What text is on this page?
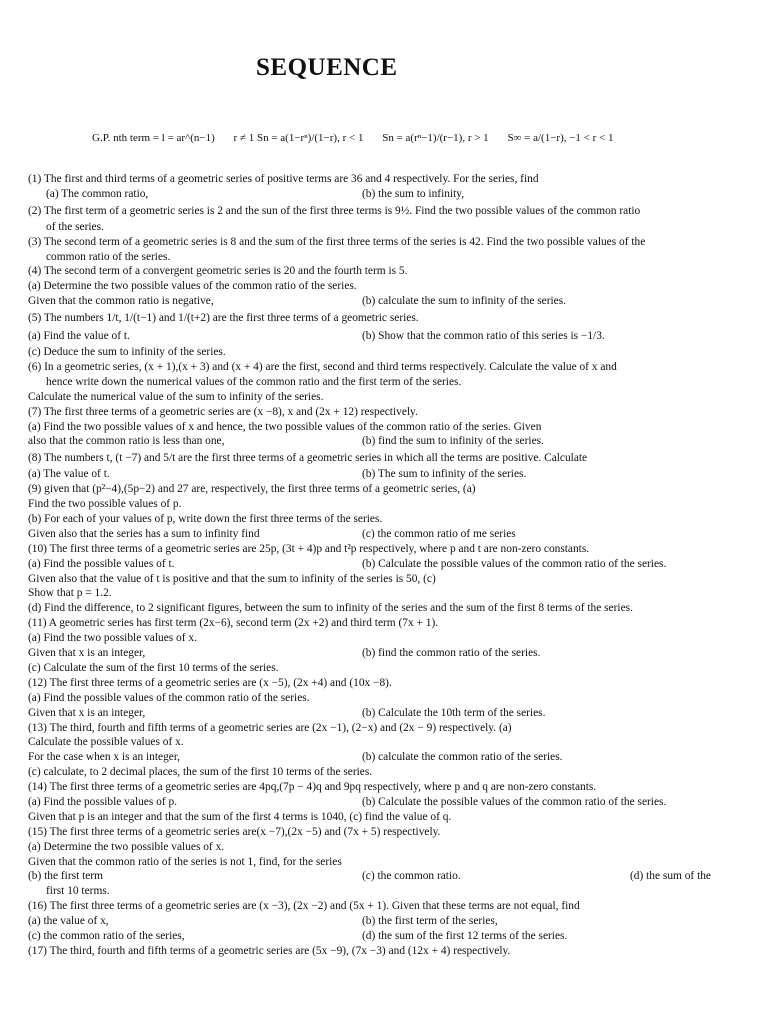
SEQUENCE
G.P. nth term = l = ar^(n−1) r ≠ 1 Sn = a(1−rⁿ)/(1−r), r < 1 Sn = a(rⁿ−1)/(r−1), r > 1 S∞ = a/(1−r), −1 < r < 1
(1) The first and third terms of a geometric series of positive terms are 36 and 4 respectively. For the series, find
(a) The common ratio,	(b) the sum to infinity,
(2) The first term of a geometric series is 2 and the sun of the first three terms is 9½. Find the two possible values of the common ratio
of the series.
(3) The second term of a geometric series is 8 and the sum of the first three terms of the series is 42. Find the two possible values of the
common ratio of the series.
(4) The second term of a convergent geometric series is 20 and the fourth term is 5.
(a) Determine the two possible values of the common ratio of the series.
Given that the common ratio is negative,	(b) calculate the sum to infinity of the series.
(5) The numbers 1/t, 1/(t−1) and 1/(t+2) are the first three terms of a geometric series.
(a) Find the value of t.	(b) Show that the common ratio of this series is −1/3.
(c) Deduce the sum to infinity of the series.
(6) In a geometric series, (x + 1),(x + 3) and (x + 4) are the first, second and third terms respectively. Calculate the value of x and
hence write down the numerical values of the common ratio and the first term of the series.
Calculate the numerical value of the sum to infinity of the series.
(7) The first three terms of a geometric series are (x −8), x and (2x + 12) respectively.
(a) Find the two possible values of x and hence, the two possible values of the common ratio of the series. Given
also that the common ratio is less than one,	(b) find the sum to infinity of the series.
(8) The numbers t, (t −7) and 5/t are the first three terms of a geometric series in which all the terms are positive. Calculate
(a) The value of t.	(b) The sum to infinity of the series.
(9) given that (p²−4),(5p−2) and 27 are, respectively, the first three terms of a geometric series, (a)
Find the two possible values of p.
(b) For each of your values of p, write down the first three terms of the series.
Given also that the series has a sum to infinity find	(c) the common ratio of me series
(10) The first three terms of a geometric series are 25p, (3t + 4)p and t²p respectively, where p and t are non-zero constants.
(a) Find the possible values of t.	(b) Calculate the possible values of the common ratio of the series.
Given also that the value of t is positive and that the sum to infinity of the series is 50, (c)
Show that p = 1.2.
(d) Find the difference, to 2 significant figures, between the sum to infinity of the series and the sum of the first 8 terms of the series.
(11) A geometric series has first term (2x−6), second term (2x +2) and third term (7x + 1).
(a) Find the two possible values of x.
Given that x is an integer,	(b) find the common ratio of the series.
(c) Calculate the sum of the first 10 terms of the series.
(12) The first three terms of a geometric series are (x −5), (2x +4) and (10x −8).
(a) Find the possible values of the common ratio of the series.
Given that x is an integer,	(b) Calculate the 10th term of the series.
(13) The third, fourth and fifth terms of a geometric series are (2x −1), (2−x) and (2x − 9) respectively. (a)
Calculate the possible values of x.
For the case when x is an integer,	(b) calculate the common ratio of the series.
(c) calculate, to 2 decimal places, the sum of the first 10 terms of the series.
(14) The first three terms of a geometric series are 4pq,(7p − 4)q and 9pq respectively, where p and q are non-zero constants.
(a) Find the possible values of p.	(b) Calculate the possible values of the common ratio of the series.
Given that p is an integer and that the sum of the first 4 terms is 1040, (c) find the value of q.
(15) The first three terms of a geometric series are(x −7),(2x −5) and (7x + 5) respectively.
(a) Determine the two possible values of x.
Given that the common ratio of the series is not 1, find, for the series
(b) the first term	(c) the common ratio.	(d) the sum of the
first 10 terms.
(16) The first three terms of a geometric series are (x −3), (2x −2) and (5x + 1). Given that these terms are not equal, find
(a) the value of x,	(b) the first term of the series,
(c) the common ratio of the series,	(d) the sum of the first 12 terms of the series.
(17) The third, fourth and fifth terms of a geometric series are (5x −9), (7x −3) and (12x + 4) respectively.
